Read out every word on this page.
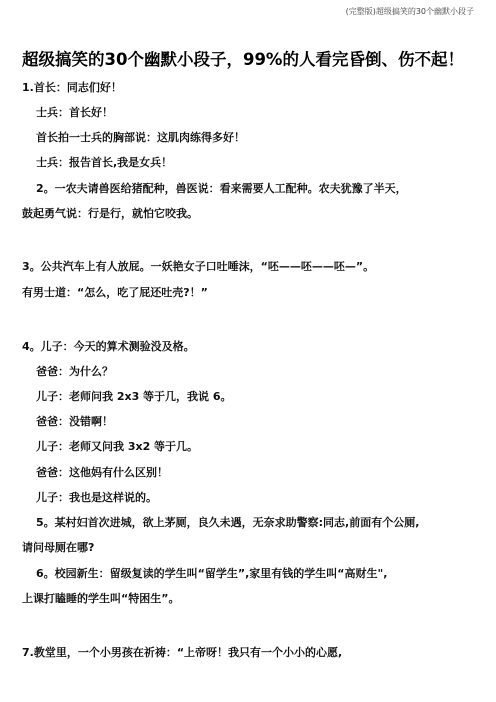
(完整版)超级搞笑的30个幽默小段子
超级搞笑的30个幽默小段子，99%的人看完昏倒、伤不起！
1.首长：同志们好！
士兵：首长好！
首长拍一士兵的胸部说：这肌肉练得多好！
士兵：报告首长,我是女兵！
2。一农夫请兽医给猪配种，兽医说：看来需要人工配种。农夫犹豫了半天，
鼓起勇气说：行是行，就怕它咬我。
3。公共汽车上有人放屁。一妖艳女子口吐唾沫，“呸——呸——呸—”。
有男士道：“怎么，吃了屁还吐壳?！”
4。儿子：今天的算术测验没及格。
爸爸：为什么？
儿子：老师问我 2x3 等于几，我说 6。
爸爸：没错啊！
儿子：老师又问我 3x2 等于几。
爸爸：这他妈有什么区别！
儿子：我也是这样说的。
5。某村妇首次进城，欲上茅厕，良久未遇，无奈求助警察:同志,前面有个公厕,
请问母厕在哪?
6。校园新生：留级复读的学生叫“留学生”,家里有钱的学生叫“高财生",
上课打瞌睡的学生叫“特困生”。
7.教堂里，一个小男孩在祈祷：“上帝呀！我只有一个小小的心愿,
